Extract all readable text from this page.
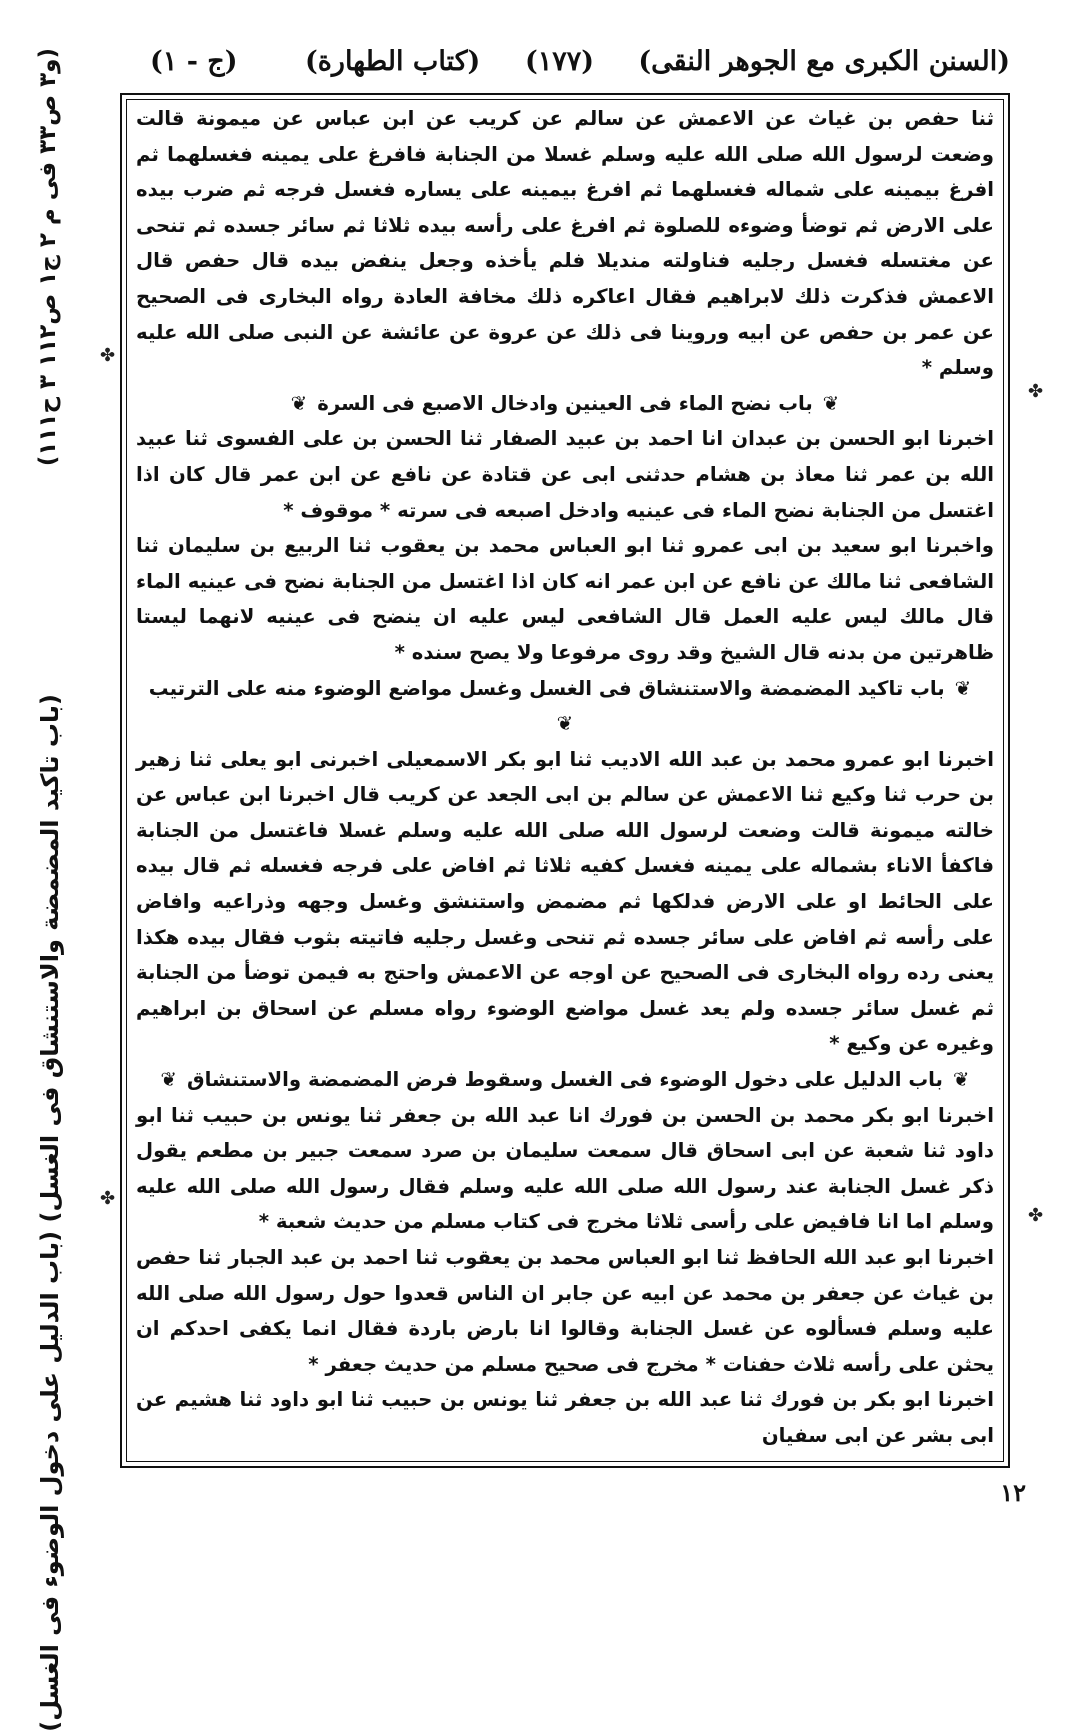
(السنن الكبرى مع الجوهر النقى)
(١٧٧)
(كتاب الطهارة)
(ج - ١)
(و٣ ص٣٣ فى م ٢ ج١ ص١١٢ ٣ ح١١١)
(باب تاكيد المضمضة والاستنشاق فى الغسل) (باب الدليل على دخول الوضوء فى الغسل)
✤
✤
✤
✤

ثنا حفص بن غياث عن الاعمش عن سالم عن كريب عن ابن عباس عن ميمونة قالت وضعت لرسول الله صلى الله عليه وسلم غسلا من الجنابة فافرغ على يمينه فغسلهما ثم افرغ بيمينه على شماله فغسلهما ثم افرغ بيمينه على يساره فغسل فرجه ثم ضرب بيده على الارض ثم توضأ وضوءه للصلوة ثم افرغ على رأسه بيده ثلاثا ثم سائر جسده ثم تنحى عن مغتسله فغسل رجليه فناولته منديلا فلم يأخذه وجعل ينفض بيده قال حفص قال الاعمش فذكرت ذلك لابراهيم فقال اعاكره ذلك مخافة العادة رواه البخارى فى الصحيح عن عمر بن حفص عن ابيه وروينا فى ذلك عن عروة عن عائشة عن النبى صلى الله عليه وسلم *

❦باب نضح الماء فى العينين وادخال الاصبع فى السرة❦

اخبرنا ابو الحسن بن عبدان انا احمد بن عبيد الصفار ثنا الحسن بن على الفسوى ثنا عبيد الله بن عمر ثنا معاذ بن هشام حدثنى ابى عن قتادة عن نافع عن ابن عمر قال كان اذا اغتسل من الجنابة نضح الماء فى عينيه وادخل اصبعه فى سرته * موقوف *

واخبرنا ابو سعيد بن ابى عمرو ثنا ابو العباس محمد بن يعقوب ثنا الربيع بن سليمان ثنا الشافعى ثنا مالك عن نافع عن ابن عمر انه كان اذا اغتسل من الجنابة نضح فى عينيه الماء قال مالك ليس عليه العمل قال الشافعى ليس عليه ان ينضح فى عينيه لانهما ليستا ظاهرتين من بدنه قال الشيخ وقد روى مرفوعا ولا يصح سنده *

❦باب تاكيد المضمضة والاستنشاق فى الغسل وغسل مواضع الوضوء منه على الترتيب❦

اخبرنا ابو عمرو محمد بن عبد الله الاديب ثنا ابو بكر الاسمعيلى اخبرنى ابو يعلى ثنا زهير بن حرب ثنا وكيع ثنا الاعمش عن سالم بن ابى الجعد عن كريب قال اخبرنا ابن عباس عن خالته ميمونة قالت وضعت لرسول الله صلى الله عليه وسلم غسلا فاغتسل من الجنابة فاكفأ الاناء بشماله على يمينه فغسل كفيه ثلاثا ثم افاض على فرجه فغسله ثم قال بيده على الحائط او على الارض فدلكها ثم مضمض واستنشق وغسل وجهه وذراعيه وافاض على رأسه ثم افاض على سائر جسده ثم تنحى وغسل رجليه فاتيته بثوب فقال بيده هكذا يعنى رده رواه البخارى فى الصحيح عن اوجه عن الاعمش واحتج به فيمن توضأ من الجنابة ثم غسل سائر جسده ولم يعد غسل مواضع الوضوء رواه مسلم عن اسحاق بن ابراهيم وغيره عن وكيع *

❦باب الدليل على دخول الوضوء فى الغسل وسقوط فرض المضمضة والاستنشاق❦

اخبرنا ابو بكر محمد بن الحسن بن فورك انا عبد الله بن جعفر ثنا يونس بن حبيب ثنا ابو داود ثنا شعبة عن ابى اسحاق قال سمعت سليمان بن صرد سمعت جبير بن مطعم يقول ذكر غسل الجنابة عند رسول الله صلى الله عليه وسلم فقال رسول الله صلى الله عليه وسلم اما انا فافيض على رأسى ثلاثا مخرج فى كتاب مسلم من حديث شعبة *

اخبرنا ابو عبد الله الحافظ ثنا ابو العباس محمد بن يعقوب ثنا احمد بن عبد الجبار ثنا حفص بن غياث عن جعفر بن محمد عن ابيه عن جابر ان الناس قعدوا حول رسول الله صلى الله عليه وسلم فسألوه عن غسل الجنابة وقالوا انا بارض باردة فقال انما يكفى احدكم ان يحثن على رأسه ثلاث حفنات * مخرج فى صحيح مسلم من حديث جعفر *

اخبرنا ابو بكر بن فورك ثنا عبد الله بن جعفر ثنا يونس بن حبيب ثنا ابو داود ثنا هشيم عن ابى بشر عن ابى سفيان

١٢
